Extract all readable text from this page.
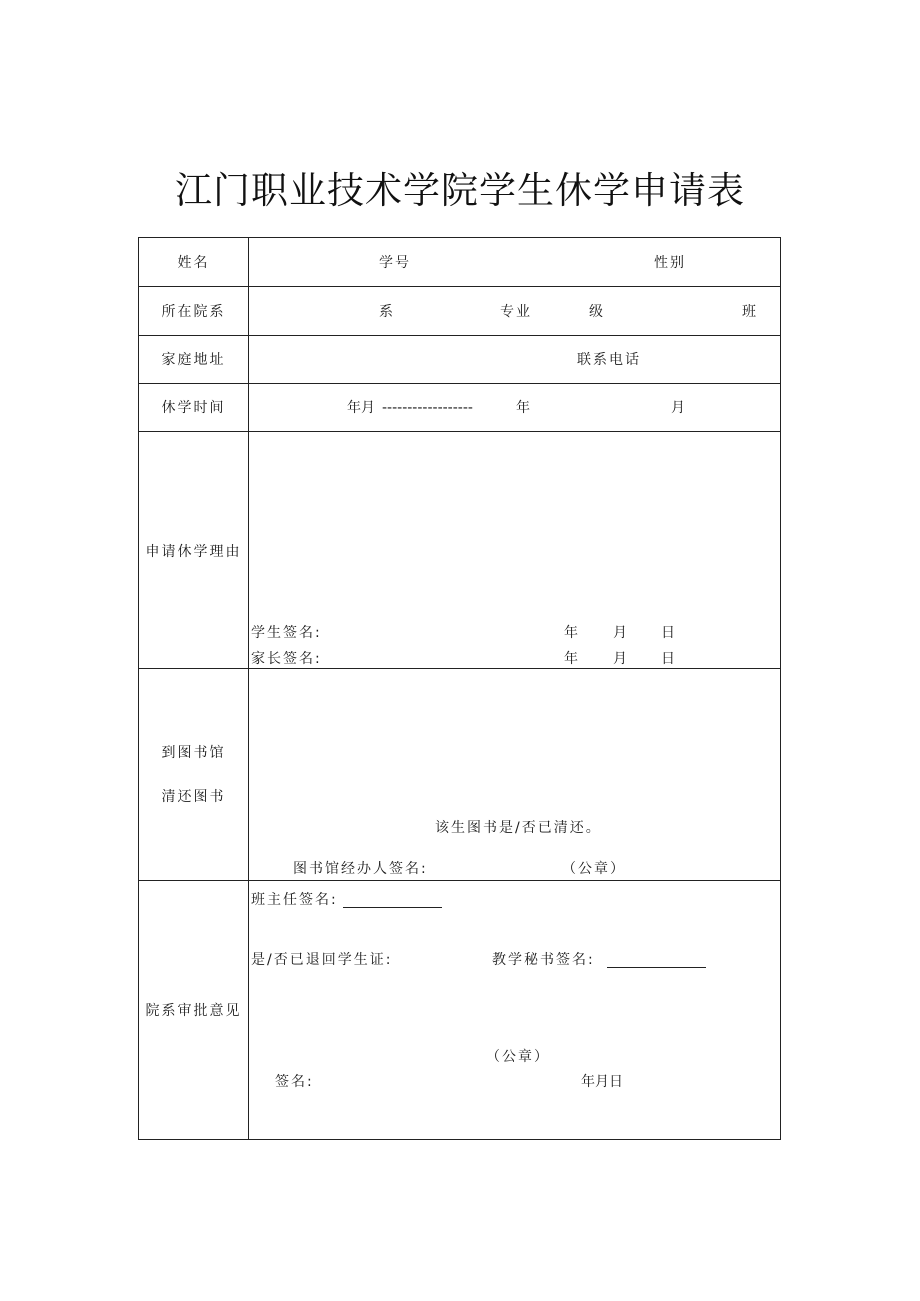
江门职业技术学院学生休学申请表
姓名	学号	性别
所在院系	系	专业	级	班
家庭地址	联系电话
休学时间	年月 ------------------	年	月
申请休学理由
学生签名:	年 月 日
家长签名:	年 月 日
到图书馆
清还图书
该生图书是/否已清还。
图书馆经办人签名:	（公章）
院系审批意见
班主任签名:
是/否已退回学生证:	教学秘书签名:
（公章）
签名:	年月日
